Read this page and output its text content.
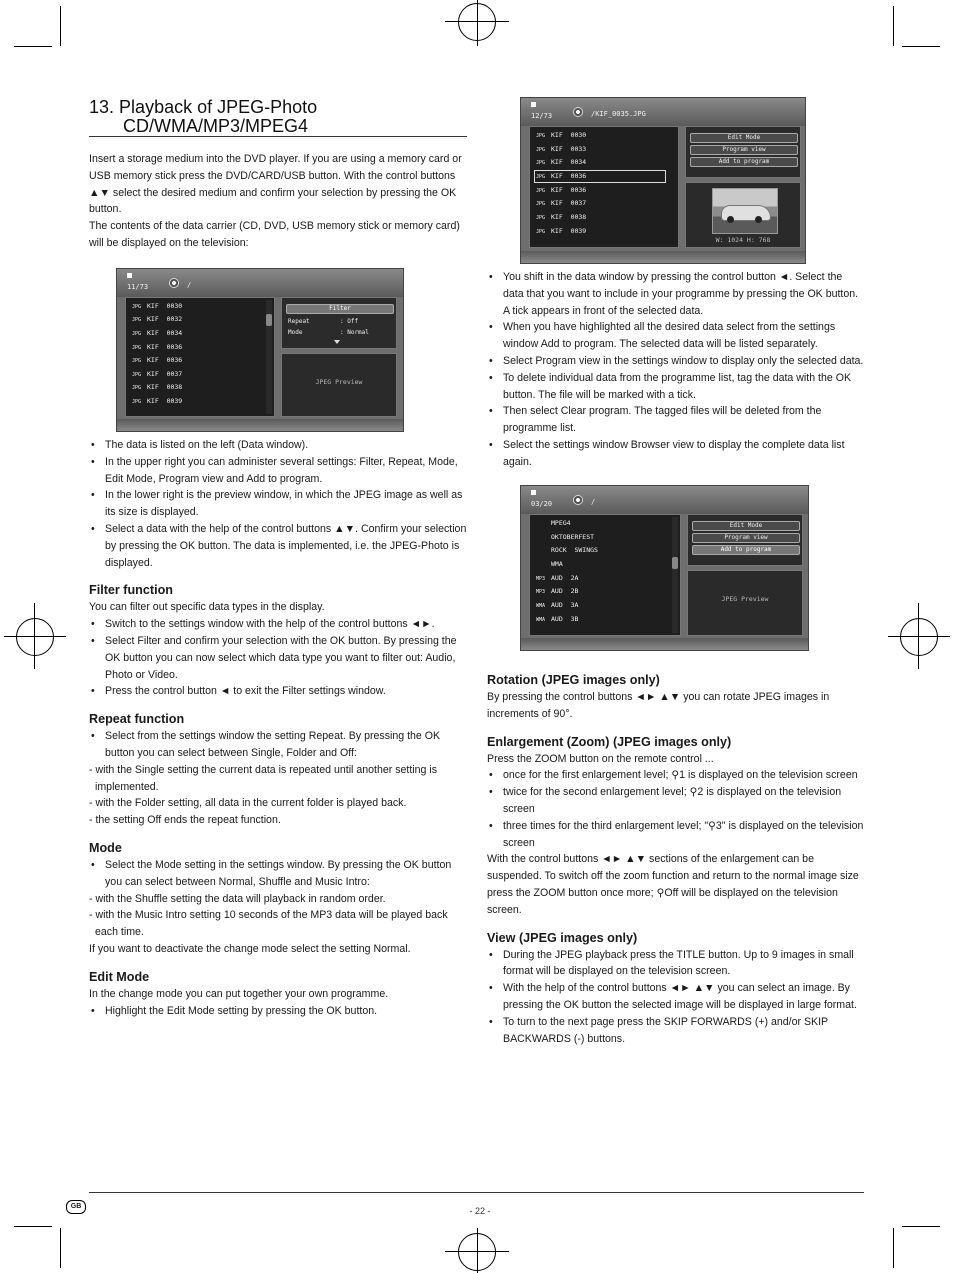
13. Playback of JPEG-Photo
CD/WMA/MP3/MPEG4

Insert a storage medium into the DVD player. If you are using a memory card or USB memory stick press the DVD/CARD/USB button. With the control buttons ▲▼ select the desired medium and confirm your selection by pressing the OK button.

The contents of the data carrier (CD, DVD, USB memory stick or memory card) will be displayed on the television:

11/73	/
JPG KIF  0030
JPG KIF  0032
JPG KIF  0034
JPG KIF  0036
JPG KIF  0036
JPG KIF  0037
JPG KIF  0038
JPG KIF  0039
Filter
Repeat	: Off
Mode	: Normal
JPEG Preview
• The data is listed on the left (Data window).
• In the upper right you can administer several settings: Filter, Repeat, Mode, Edit Mode, Program view and Add to program.
• In the lower right is the preview window, in which the JPEG image as well as its size is displayed.
• Select a data with the help of the control buttons ▲▼. Confirm your selection by pressing the OK button. The data is implemented, i.e. the JPEG-Photo is displayed.
Filter function

You can filter out specific data types in the display.

• Switch to the settings window with the help of the control buttons ◄►.
• Select Filter and confirm your selection with the OK button. By pressing the OK button you can now select which data type you want to filter out: Audio, Photo or Video.
• Press the control button ◄ to exit the Filter settings window.
Repeat function
• Select from the settings window the setting Repeat. By pressing the OK button you can select between Single, Folder and Off:

- with the Single setting the current data is repeated until another setting is implemented.

- with the Folder setting, all data in the current folder is played back.

- the setting Off ends the repeat function.

Mode
• Select the Mode setting in the settings window. By pressing the OK button you can select between Normal, Shuffle and Music Intro:

- with the Shuffle setting the data will playback in random order.

- with the Music Intro setting 10 seconds of the MP3 data will be played back each time.

If you want to deactivate the change mode select the setting Normal.

Edit Mode

In the change mode you can put together your own programme.

• Highlight the Edit Mode setting by pressing the OK button.
12/73	/KIF_0035.JPG
JPG KIF  0030
JPG KIF  0033
JPG KIF  0034
JPG KIF  0036
JPG KIF  0036
JPG KIF  0037
JPG KIF  0038
JPG KIF  0039
Edit Mode
Program view
Add to program
W: 1024 H: 768
• You shift in the data window by pressing the control button ◄. Select the data that you want to include in your programme by pressing the OK button. A tick appears in front of the selected data.
• When you have highlighted all the desired data select from the settings window Add to program. The selected data will be listed separately.
• Select Program view in the settings window to display only the selected data.
• To delete individual data from the programme list, tag the data with the OK button. The file will be marked with a tick.
• Then select Clear program. The tagged files will be deleted from the programme list.
• Select the settings window Browser view to display the complete data list again.
03/20	/
MPEG4
OKTOBERFEST
ROCK  SWINGS
WMA
MP3 AUD  2A
MP3 AUD  2B
WMA AUD  3A
WMA AUD  3B
Edit Mode
Program view
Add to program
JPEG Preview
Rotation (JPEG images only)

By pressing the control buttons ◄► ▲▼ you can rotate JPEG images in increments of 90°.

Enlargement (Zoom) (JPEG images only)

Press the ZOOM button on the remote control ...

• once for the first enlargement level; ⚲1 is displayed on the television screen
• twice for the second enlargement level; ⚲2 is displayed on the television screen
• three times for the third enlargement level; "⚲3" is displayed on the television screen

With the control buttons ◄► ▲▼ sections of the enlargement can be suspended. To switch off the zoom function and return to the normal image size press the ZOOM button once more; ⚲Off will be displayed on the television screen.

View (JPEG images only)
• During the JPEG playback press the TITLE button. Up to 9 images in small format will be displayed on the television screen.
• With the help of the control buttons ◄► ▲▼ you can select an image. By pressing the OK button the selected image will be displayed in large format.
• To turn to the next page press the SKIP FORWARDS (+) and/or SKIP BACKWARDS (-) buttons.
GB	- 22 -
